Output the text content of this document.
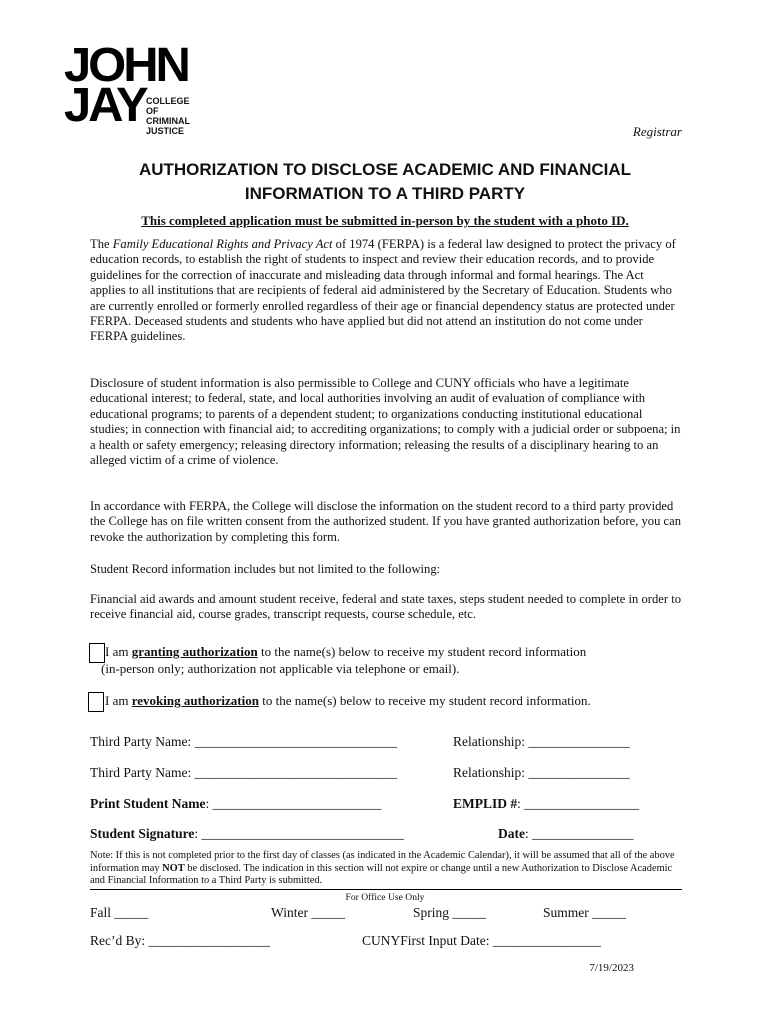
JOHN
JAY COLLEGE
OF
CRIMINAL
JUSTICE	Registrar
AUTHORIZATION TO DISCLOSE ACADEMIC AND FINANCIAL
INFORMATION TO A THIRD PARTY
This completed application must be submitted in-person by the student with a photo ID.
The Family Educational Rights and Privacy Act of 1974 (FERPA) is a federal law designed to protect the privacy of education records, to establish the right of students to inspect and review their education records, and to provide guidelines for the correction of inaccurate and misleading data through informal and formal hearings. The Act applies to all institutions that are recipients of federal aid administered by the Secretary of Education. Students who are currently enrolled or formerly enrolled regardless of their age or financial dependency status are protected under FERPA. Deceased students and students who have applied but did not attend an institution do not come under FERPA guidelines.
Disclosure of student information is also permissible to College and CUNY officials who have a legitimate educational interest; to federal, state, and local authorities involving an audit of evaluation of compliance with educational programs; to parents of a dependent student; to organizations conducting institutional educational studies; in connection with financial aid; to accrediting organizations; to comply with a judicial order or subpoena; in a health or safety emergency; releasing directory information; releasing the results of a disciplinary hearing to an alleged victim of a crime of violence.
In accordance with FERPA, the College will disclose the information on the student record to a third party provided the College has on file written consent from the authorized student. If you have granted authorization before, you can revoke the authorization by completing this form.
Student Record information includes but not limited to the following:
Financial aid awards and amount student receive, federal and state taxes, steps student needed to complete in order to receive financial aid, course grades, transcript requests, course schedule, etc.
I am granting authorization to the name(s) below to receive my student record information
(in-person only; authorization not applicable via telephone or email).
I am revoking authorization to the name(s) below to receive my student record information.
Third Party Name: ______________________________	Relationship: _______________
Third Party Name: ______________________________	Relationship: _______________
Print Student Name: _________________________	EMPLID #: _________________
Student Signature: ______________________________	Date: _______________
Note: If this is not completed prior to the first day of classes (as indicated in the Academic Calendar), it will be assumed that all of the above information may NOT be disclosed. The indication in this section will not expire or change until a new Authorization to Disclose Academic and Financial Information to a Third Party is submitted.
For Office Use Only
Fall _____	Winter _____	Spring _____	Summer _____
Rec’d By: __________________	CUNYFirst Input Date: ________________
7/19/2023
